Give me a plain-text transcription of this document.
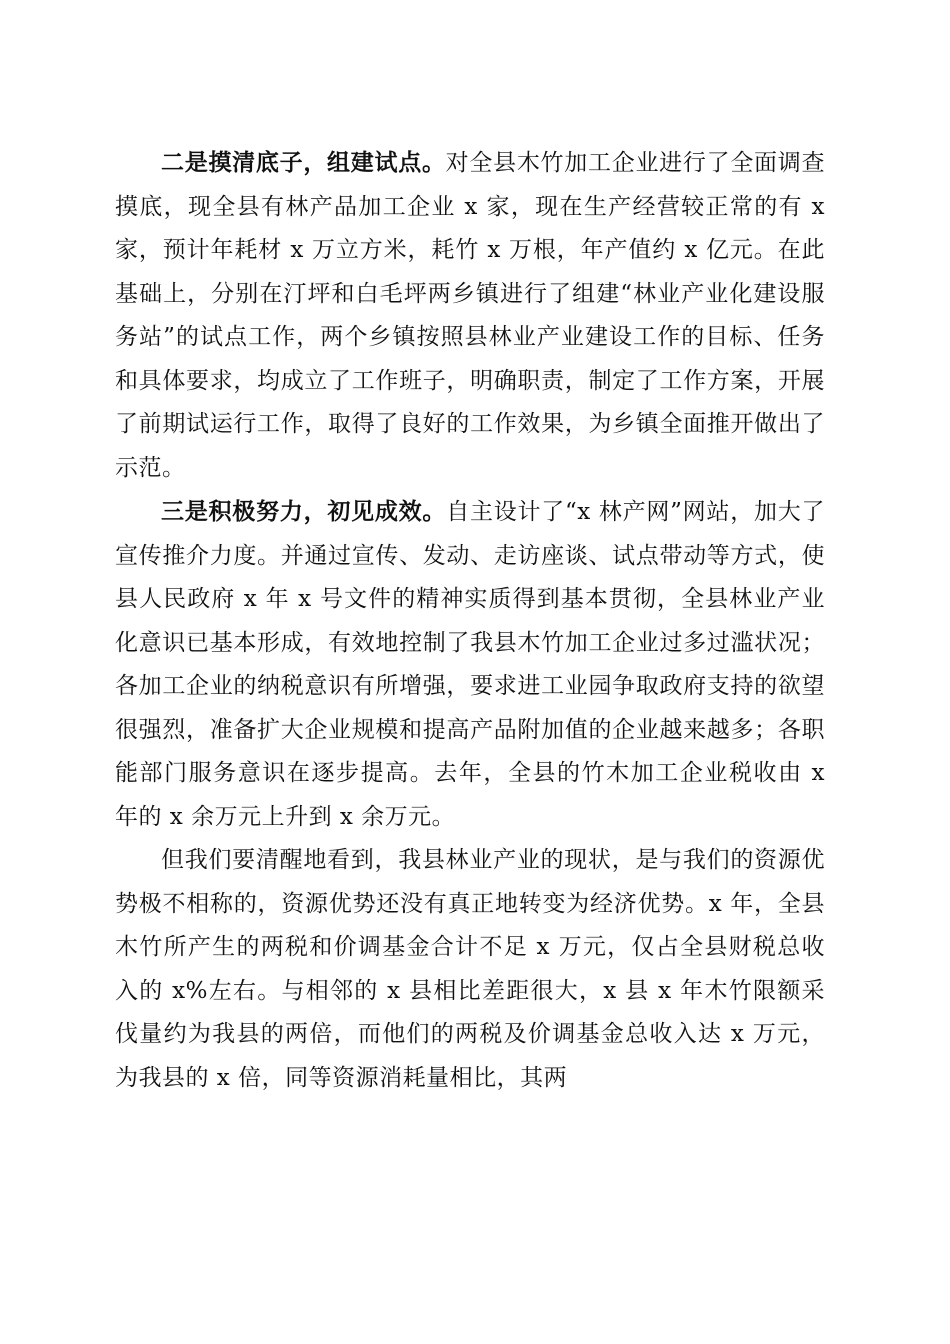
二是摸清底子，组建试点。对全县木竹加工企业进行了全面调查摸底，现全县有林产品加工企业 x 家，现在生产经营较正常的有 x 家，预计年耗材 x 万立方米，耗竹 x 万根，年产值约 x 亿元。在此基础上，分别在汀坪和白毛坪两乡镇进行了组建“林业产业化建设服务站”的试点工作，两个乡镇按照县林业产业建设工作的目标、任务和具体要求，均成立了工作班子，明确职责，制定了工作方案，开展了前期试运行工作，取得了良好的工作效果，为乡镇全面推开做出了示范。

三是积极努力，初见成效。自主设计了“x 林产网”网站，加大了宣传推介力度。并通过宣传、发动、走访座谈、试点带动等方式，使县人民政府 x 年 x 号文件的精神实质得到基本贯彻，全县林业产业化意识已基本形成，有效地控制了我县木竹加工企业过多过滥状况；各加工企业的纳税意识有所增强，要求进工业园争取政府支持的欲望很强烈，准备扩大企业规模和提高产品附加值的企业越来越多；各职能部门服务意识在逐步提高。去年，全县的竹木加工企业税收由 x 年的 x 余万元上升到 x 余万元。

但我们要清醒地看到，我县林业产业的现状，是与我们的资源优势极不相称的，资源优势还没有真正地转变为经济优势。x 年，全县木竹所产生的两税和价调基金合计不足 x 万元，仅占全县财税总收入的 x%左右。与相邻的 x 县相比差距很大，x 县 x 年木竹限额采伐量约为我县的两倍，而他们的两税及价调基金总收入达 x 万元，为我县的 x 倍，同等资源消耗量相比，其两
